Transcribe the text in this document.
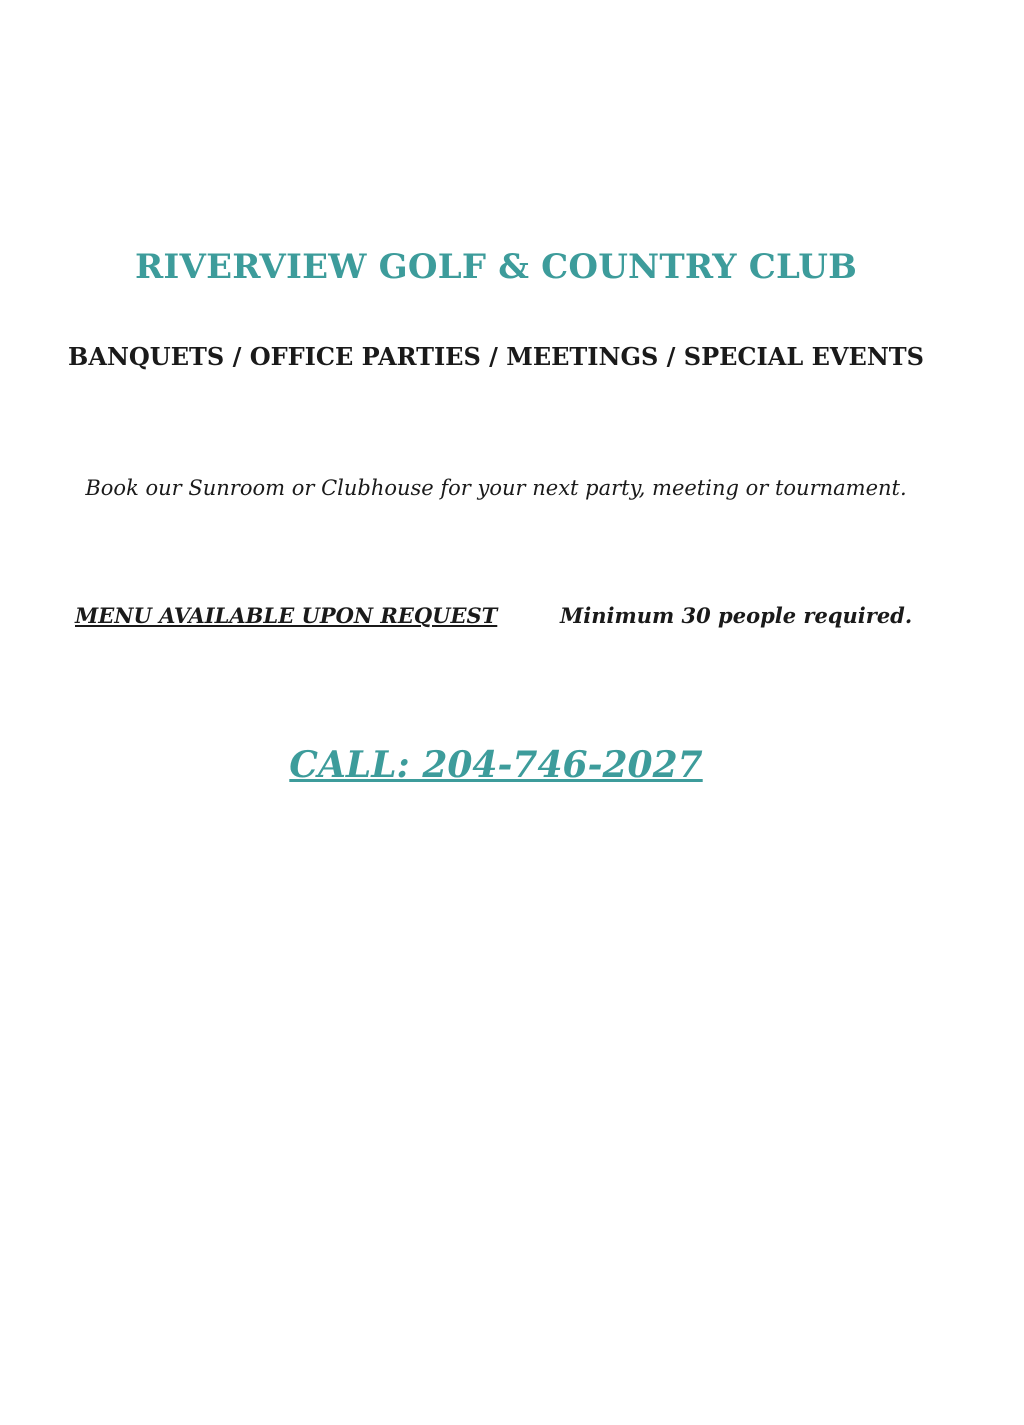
RIVERVIEW GOLF & COUNTRY CLUB
BANQUETS / OFFICE PARTIES / MEETINGS / SPECIAL EVENTS
Book our Sunroom or Clubhouse for your next party, meeting or tournament.
MENU AVAILABLE UPON REQUEST	Minimum 30 people required.
CALL: 204-746-2027
